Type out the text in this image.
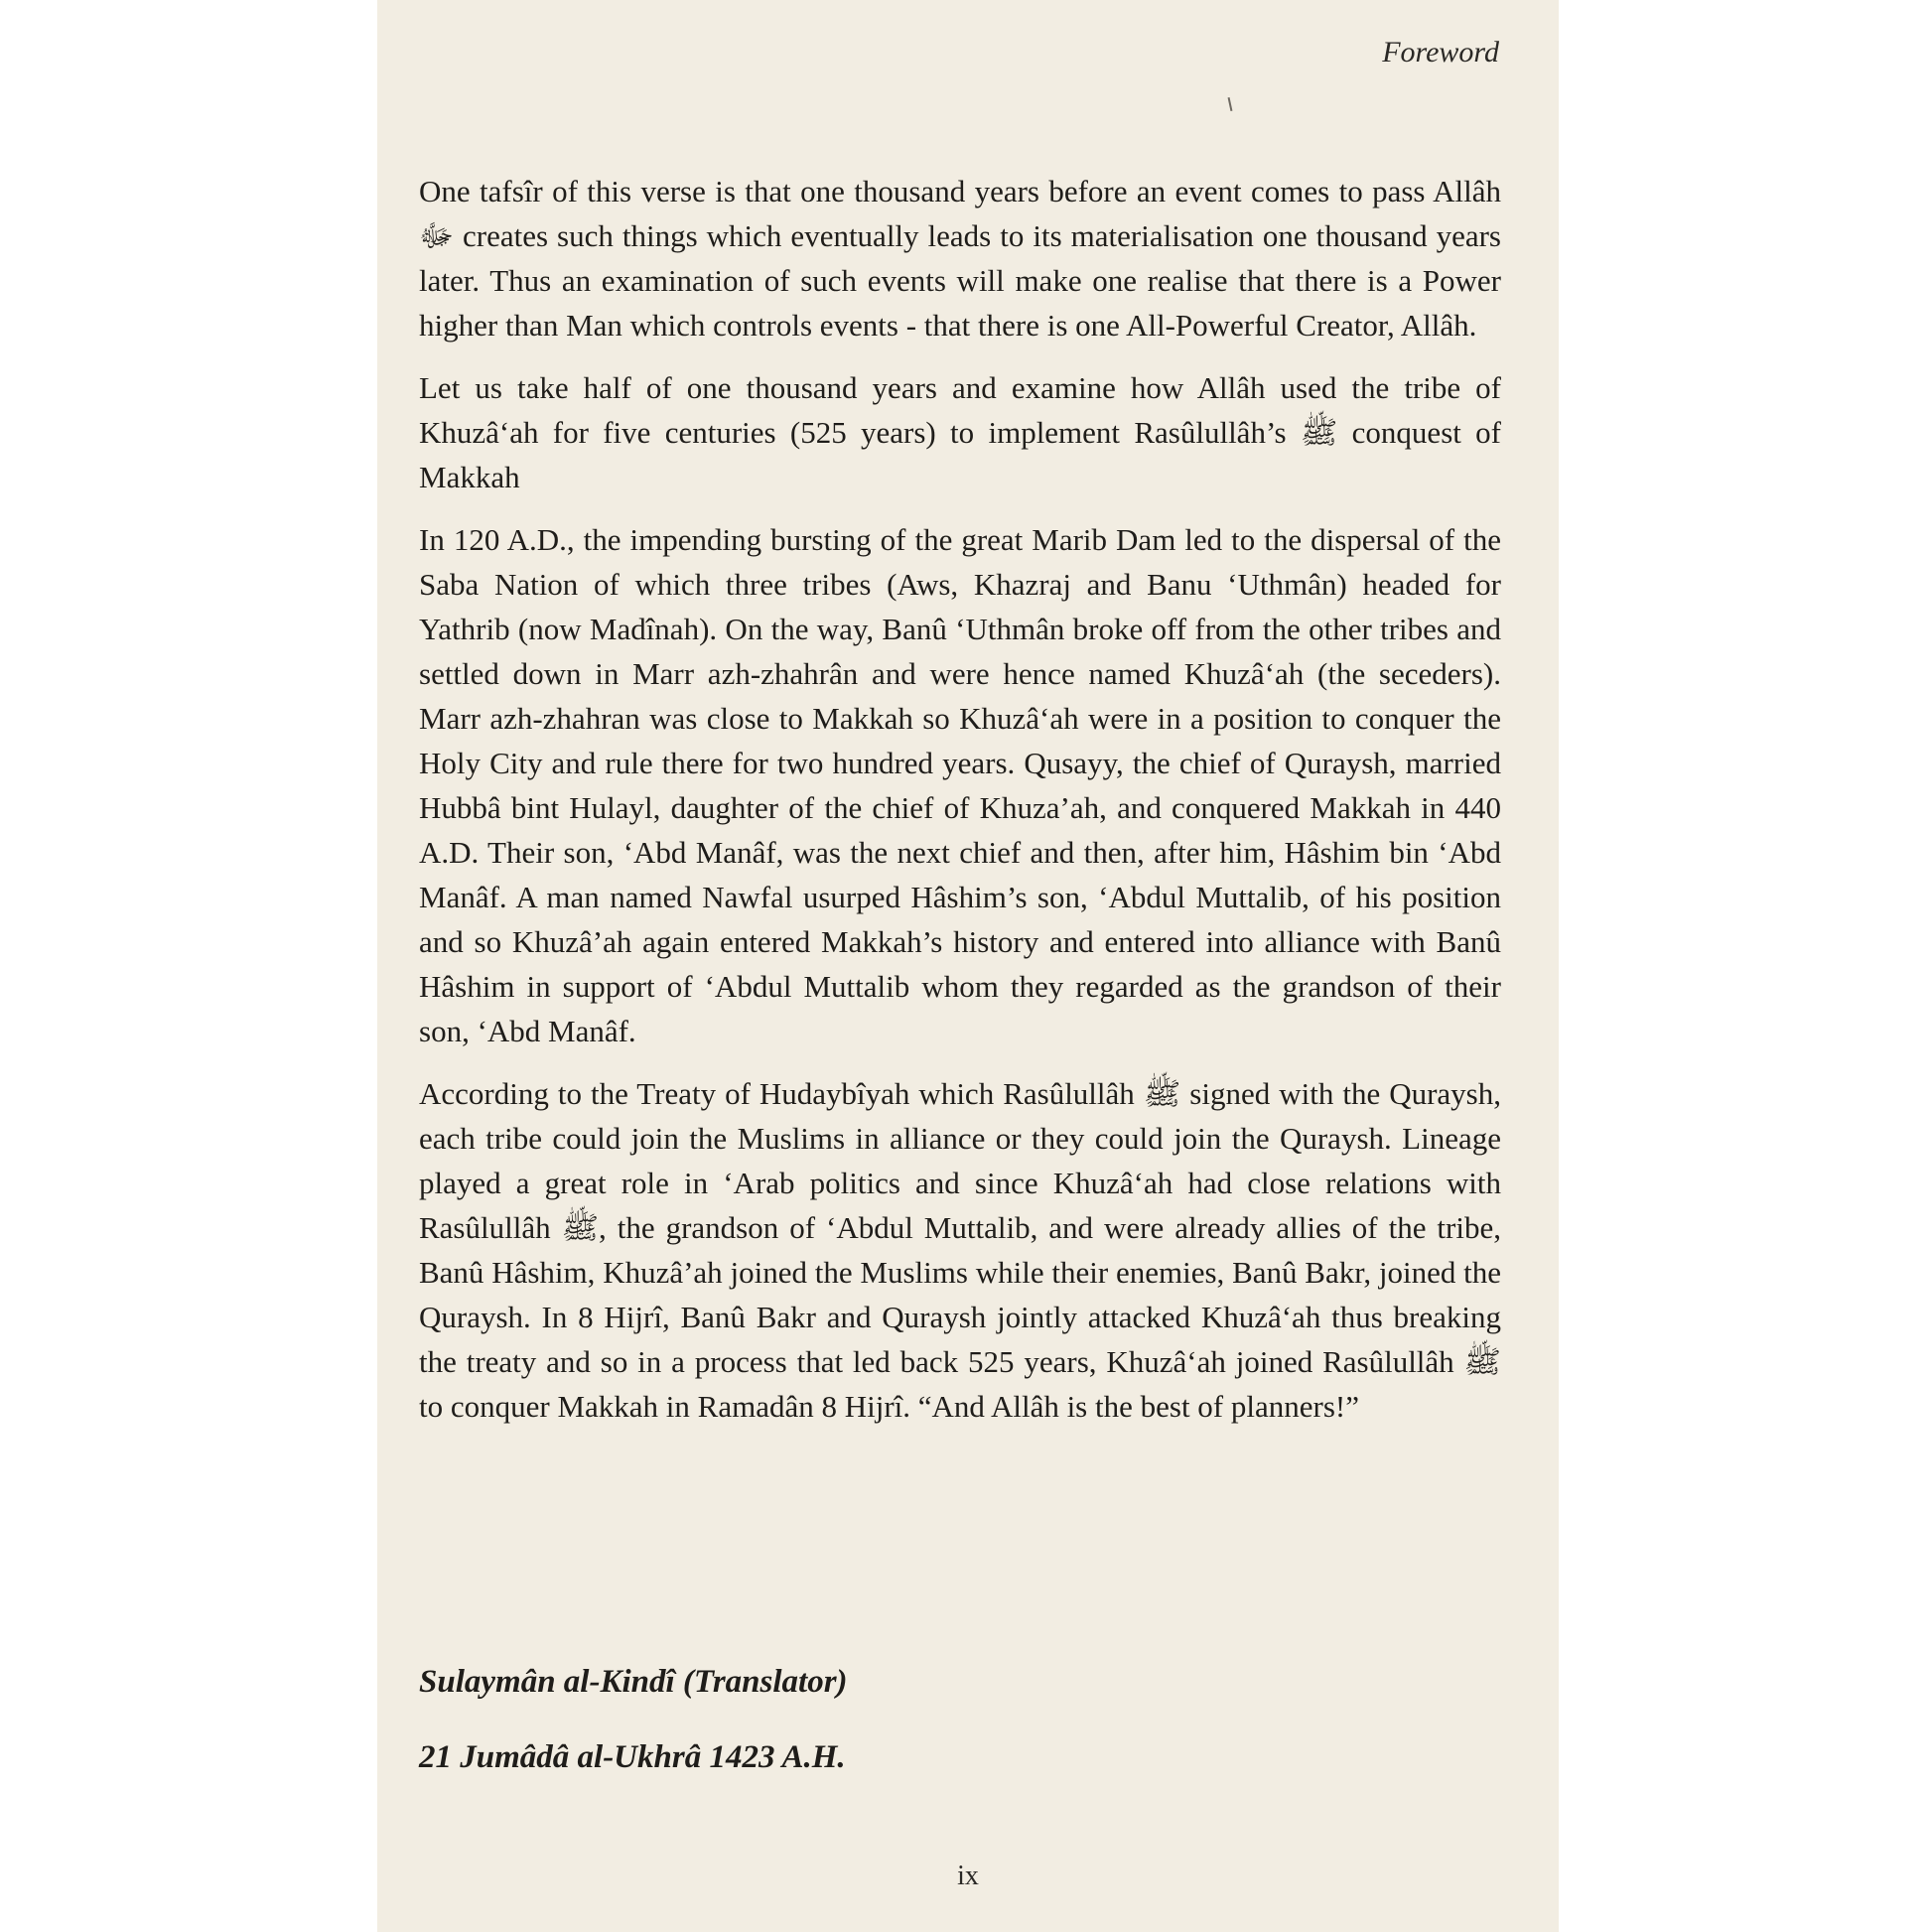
Foreword

One tafsîr of this verse is that one thousand years before an event comes to pass Allâh ﷻ creates such things which eventually leads to its materialisation one thousand years later. Thus an examination of such events will make one realise that there is a Power higher than Man which controls events - that there is one All-Powerful Creator, Allâh.

Let us take half of one thousand years and examine how Allâh used the tribe of Khuzâ‘ah for five centuries (525 years) to implement Rasûlullâh’s ﷺ conquest of Makkah

In 120 A.D., the impending bursting of the great Marib Dam led to the dispersal of the Saba Nation of which three tribes (Aws, Khazraj and Banu ‘Uthmân) headed for Yathrib (now Madînah). On the way, Banû ‘Uthmân broke off from the other tribes and settled down in Marr azh-zhahrân and were hence named Khuzâ‘ah (the seceders). Marr azh-zhahran was close to Makkah so Khuzâ‘ah were in a position to conquer the Holy City and rule there for two hundred years. Qusayy, the chief of Quraysh, married Hubbâ bint Hulayl, daughter of the chief of Khuza’ah, and conquered Makkah in 440 A.D. Their son, ‘Abd Manâf, was the next chief and then, after him, Hâshim bin ‘Abd Manâf. A man named Nawfal usurped Hâshim’s son, ‘Abdul Muttalib, of his position and so Khuzâ’ah again entered Makkah’s history and entered into alliance with Banû Hâshim in support of ‘Abdul Muttalib whom they regarded as the grandson of their son, ‘Abd Manâf.

According to the Treaty of Hudaybîyah which Rasûlullâh ﷺ signed with the Quraysh, each tribe could join the Muslims in alliance or they could join the Quraysh. Lineage played a great role in ‘Arab politics and since Khuzâ‘ah had close relations with Rasûlullâh ﷺ, the grandson of ‘Abdul Muttalib, and were already allies of the tribe, Banû Hâshim, Khuzâ’ah joined the Muslims while their enemies, Banû Bakr, joined the Quraysh. In 8 Hijrî, Banû Bakr and Quraysh jointly attacked Khuzâ‘ah thus breaking the treaty and so in a process that led back 525 years, Khuzâ‘ah joined Rasûlullâh ﷺ to conquer Makkah in Ramadân 8 Hijrî. “And Allâh is the best of planners!”

Sulaymân al-Kindî (Translator)
21 Jumâdâ al-Ukhrâ 1423 A.H.
ix
